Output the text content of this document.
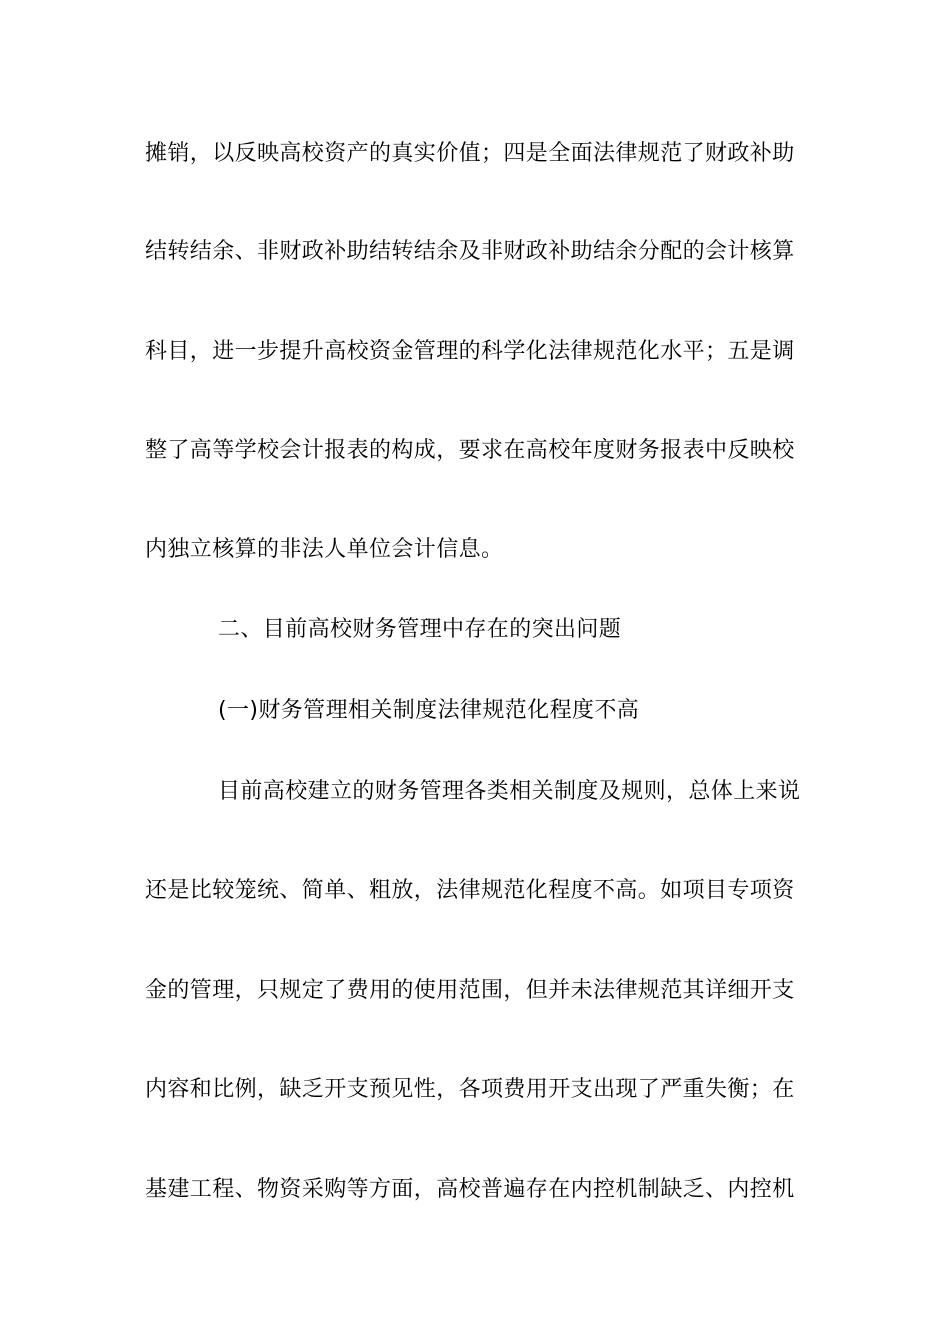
摊销，以反映高校资产的真实价值；四是全面法律规范了财政补助
结转结余、非财政补助结转结余及非财政补助结余分配的会计核算
科目，进一步提升高校资金管理的科学化法律规范化水平；五是调
整了高等学校会计报表的构成，要求在高校年度财务报表中反映校
内独立核算的非法人单位会计信息。
二、目前高校财务管理中存在的突出问题
(一)财务管理相关制度法律规范化程度不高
目前高校建立的财务管理各类相关制度及规则，总体上来说
还是比较笼统、简单、粗放，法律规范化程度不高。如项目专项资
金的管理，只规定了费用的使用范围，但并未法律规范其详细开支
内容和比例，缺乏开支预见性，各项费用开支出现了严重失衡；在
基建工程、物资采购等方面，高校普遍存在内控机制缺乏、内控机
